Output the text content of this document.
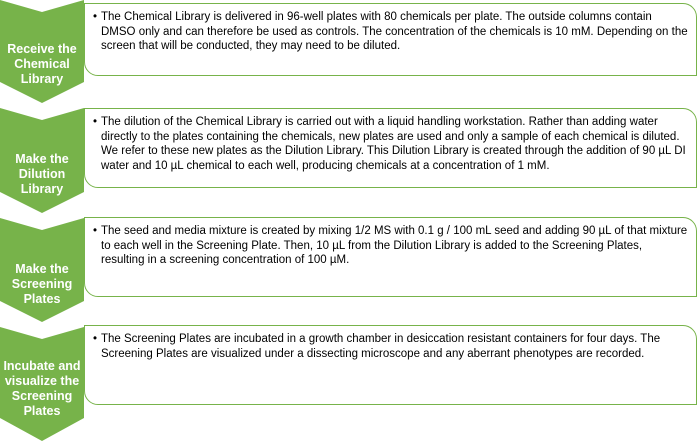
Receive the
Chemical
Library
• The Chemical Library is delivered in 96-well plates with 80 chemicals per plate. The outside columns contain DMSO only and can therefore be used as controls. The concentration of the chemicals is 10 mM. Depending on the screen that will be conducted, they may need to be diluted.
Make the
Dilution
Library
• The dilution of the Chemical Library is carried out with a liquid handling workstation. Rather than adding water directly to the plates containing the chemicals, new plates are used and only a sample of each chemical is diluted. We refer to these new plates as the Dilution Library. This Dilution Library is created through the addition of 90 µL DI water and 10 µL chemical to each well, producing chemicals at a concentration of 1 mM.
Make the
Screening
Plates
• The seed and media mixture is created by mixing 1/2 MS with 0.1 g / 100 mL seed and adding 90 µL of that mixture to each well in the Screening Plate. Then, 10 µL from the Dilution Library is added to the Screening Plates, resulting in a screening concentration of 100 µM.
Incubate and
visualize the
Screening
Plates
• The Screening Plates are incubated in a growth chamber in desiccation resistant containers for four days. The Screening Plates are visualized under a dissecting microscope and any aberrant phenotypes are recorded.
